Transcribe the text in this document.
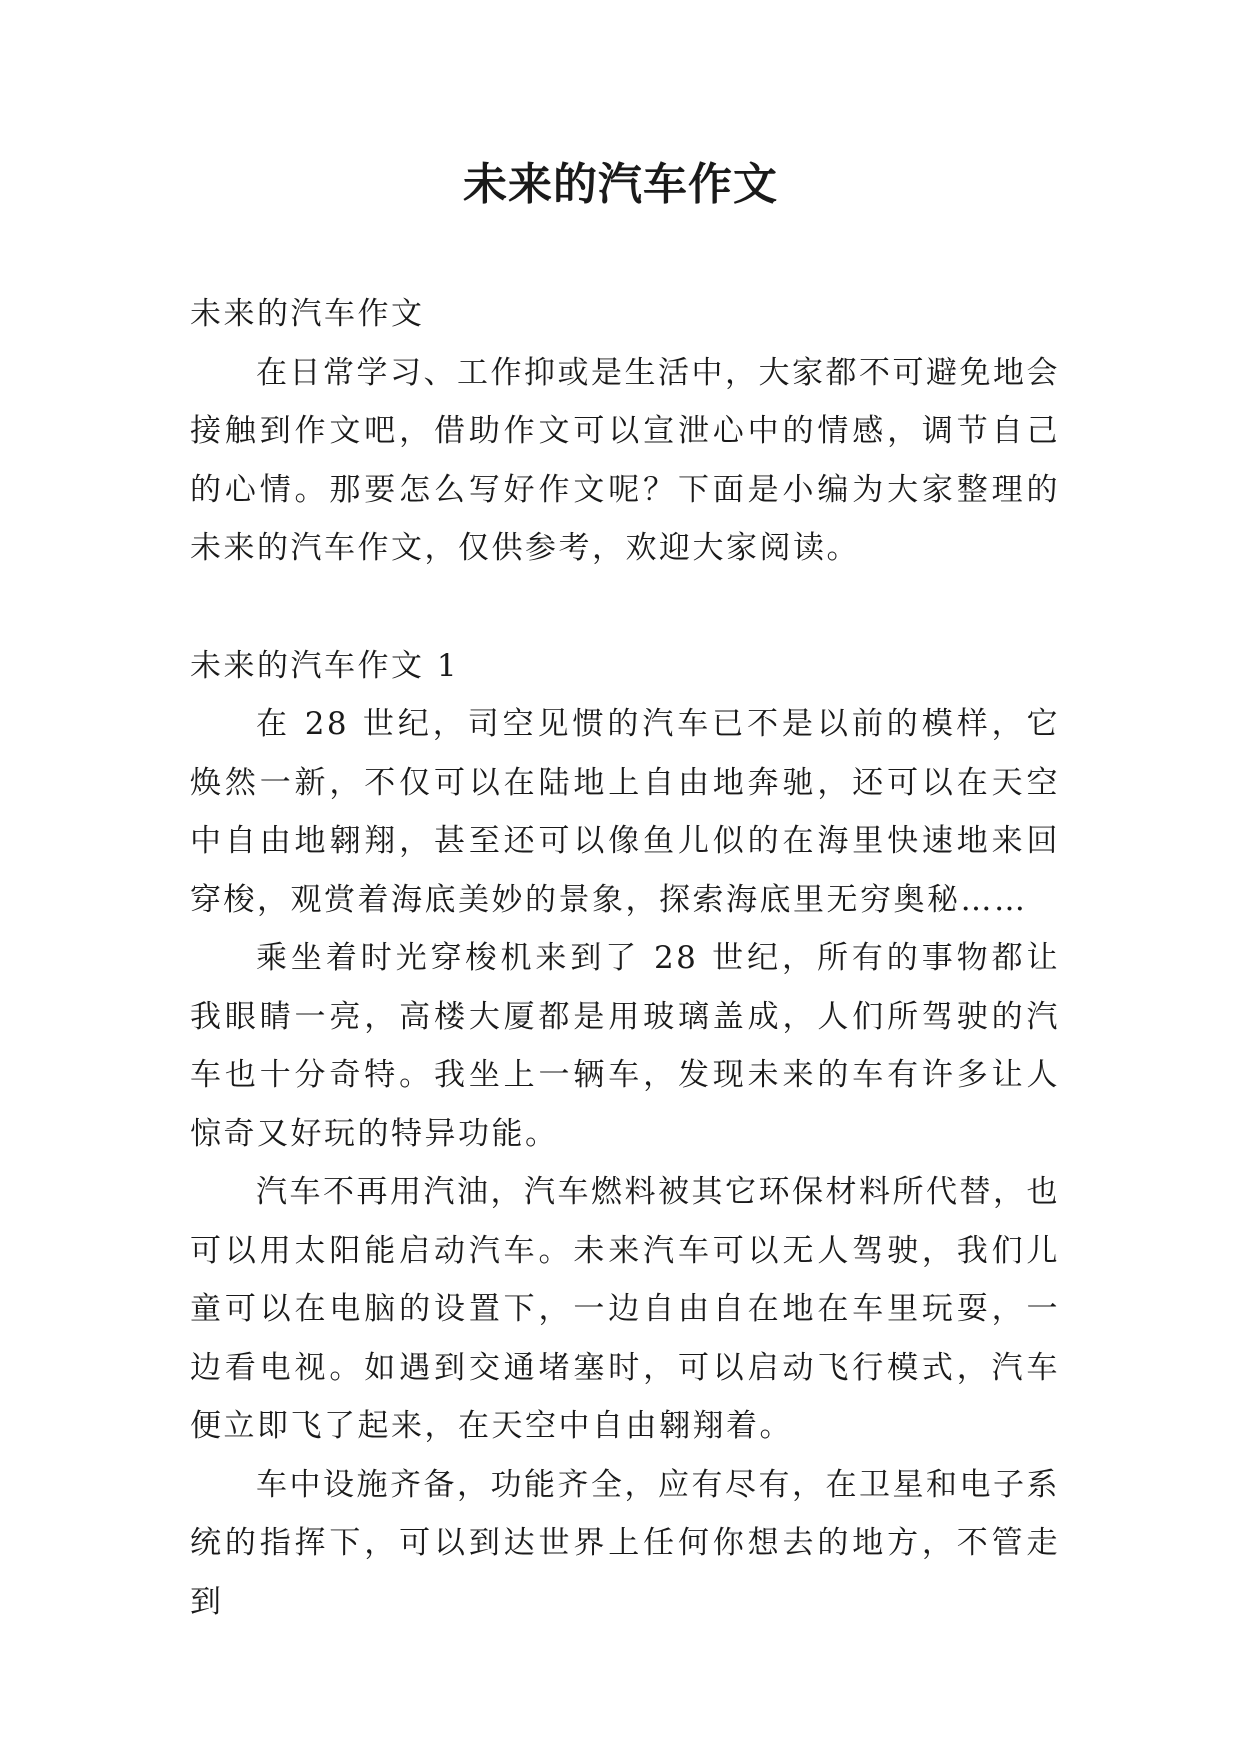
未来的汽车作文

未来的汽车作文

在日常学习、工作抑或是生活中，大家都不可避免地会接触到作文吧，借助作文可以宣泄心中的情感，调节自己的心情。那要怎么写好作文呢？下面是小编为大家整理的未来的汽车作文，仅供参考，欢迎大家阅读。

未来的汽车作文 1

在 28 世纪，司空见惯的汽车已不是以前的模样，它焕然一新，不仅可以在陆地上自由地奔驰，还可以在天空中自由地翱翔，甚至还可以像鱼儿似的在海里快速地来回穿梭，观赏着海底美妙的景象，探索海底里无穷奥秘……

乘坐着时光穿梭机来到了 28 世纪，所有的事物都让我眼睛一亮，高楼大厦都是用玻璃盖成，人们所驾驶的汽车也十分奇特。我坐上一辆车，发现未来的车有许多让人惊奇又好玩的特异功能。

汽车不再用汽油，汽车燃料被其它环保材料所代替，也可以用太阳能启动汽车。未来汽车可以无人驾驶，我们儿童可以在电脑的设置下，一边自由自在地在车里玩耍，一边看电视。如遇到交通堵塞时，可以启动飞行模式，汽车便立即飞了起来，在天空中自由翱翔着。

车中设施齐备，功能齐全，应有尽有，在卫星和电子系统的指挥下，可以到达世界上任何你想去的地方，不管走到
